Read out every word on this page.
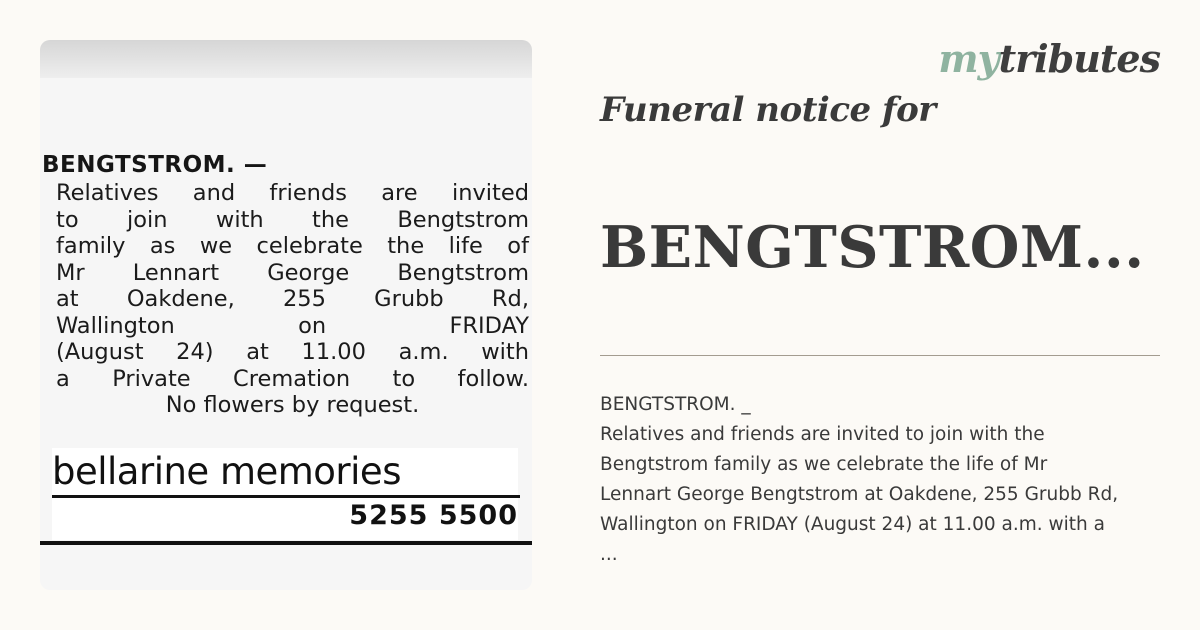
BENGTSTROM. —
Relatives and friends are invited
to join with the Bengtstrom
family as we celebrate the life of
Mr Lennart George Bengtstrom
at Oakdene, 255 Grubb Rd,
Wallington on FRIDAY
(August 24) at 11.00 a.m. with
a Private Cremation to follow.
No flowers by request.
bellarine memories
5255 5500
mytributes
Funeral notice for
BENGTSTROM...
BENGTSTROM. _
Relatives and friends are invited to join with the
Bengtstrom family as we celebrate the life of Mr
Lennart George Bengtstrom at Oakdene, 255 Grubb Rd,
Wallington on FRIDAY (August 24) at 11.00 a.m. with a
...
